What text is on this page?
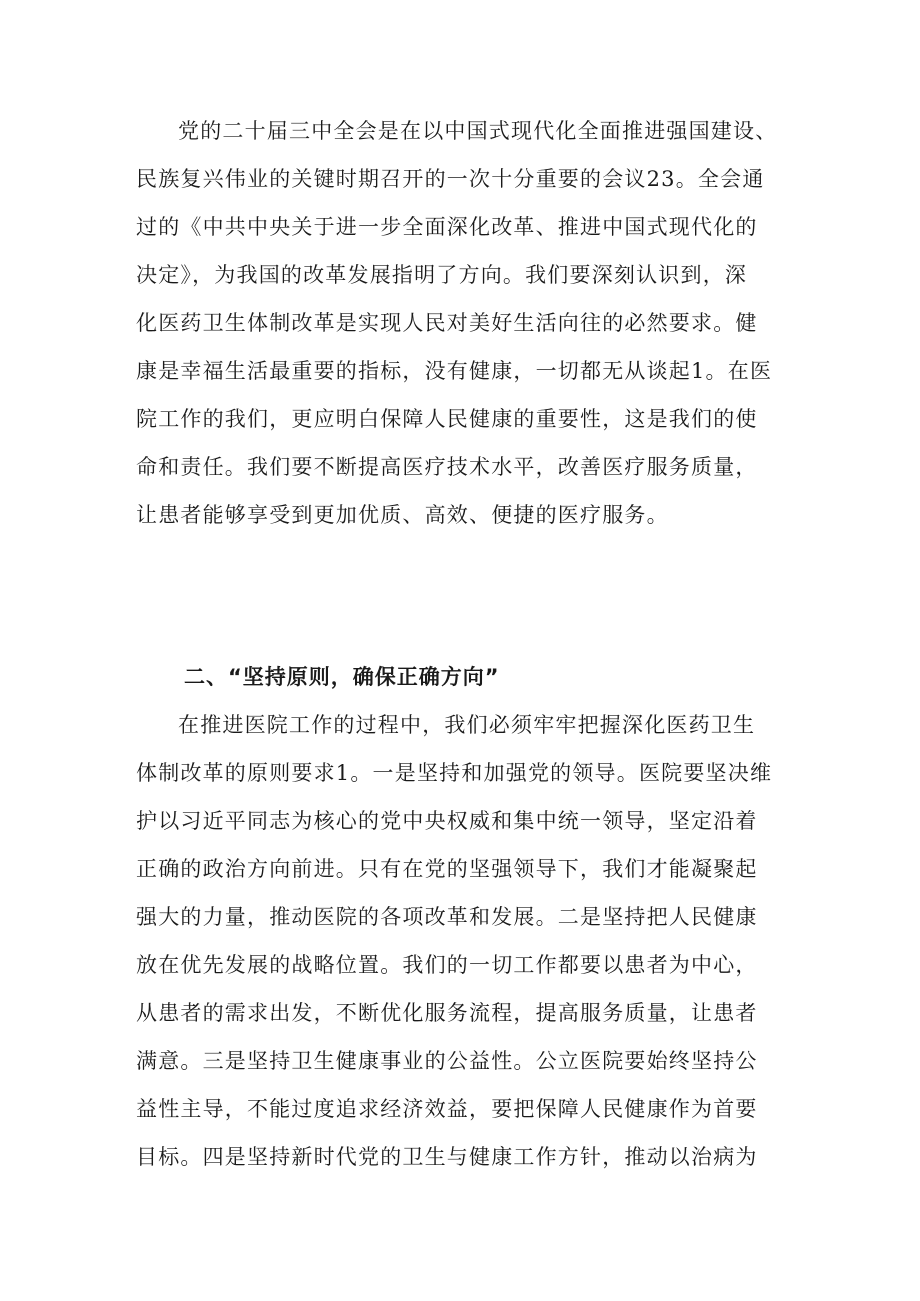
党的二十届三中全会是在以中国式现代化全面推进强国建设、
民族复兴伟业的关键时期召开的一次十分重要的会议23。全会通
过的《中共中央关于进一步全面深化改革、推进中国式现代化的
决定》，为我国的改革发展指明了方向。我们要深刻认识到，深
化医药卫生体制改革是实现人民对美好生活向往的必然要求。健
康是幸福生活最重要的指标，没有健康，一切都无从谈起1。在医
院工作的我们，更应明白保障人民健康的重要性，这是我们的使
命和责任。我们要不断提高医疗技术水平，改善医疗服务质量，
让患者能够享受到更加优质、高效、便捷的医疗服务。
二、“坚持原则，确保正确方向”
在推进医院工作的过程中，我们必须牢牢把握深化医药卫生
体制改革的原则要求1。一是坚持和加强党的领导。医院要坚决维
护以习近平同志为核心的党中央权威和集中统一领导，坚定沿着
正确的政治方向前进。只有在党的坚强领导下，我们才能凝聚起
强大的力量，推动医院的各项改革和发展。二是坚持把人民健康
放在优先发展的战略位置。我们的一切工作都要以患者为中心，
从患者的需求出发，不断优化服务流程，提高服务质量，让患者
满意。三是坚持卫生健康事业的公益性。公立医院要始终坚持公
益性主导，不能过度追求经济效益，要把保障人民健康作为首要
目标。四是坚持新时代党的卫生与健康工作方针，推动以治病为
